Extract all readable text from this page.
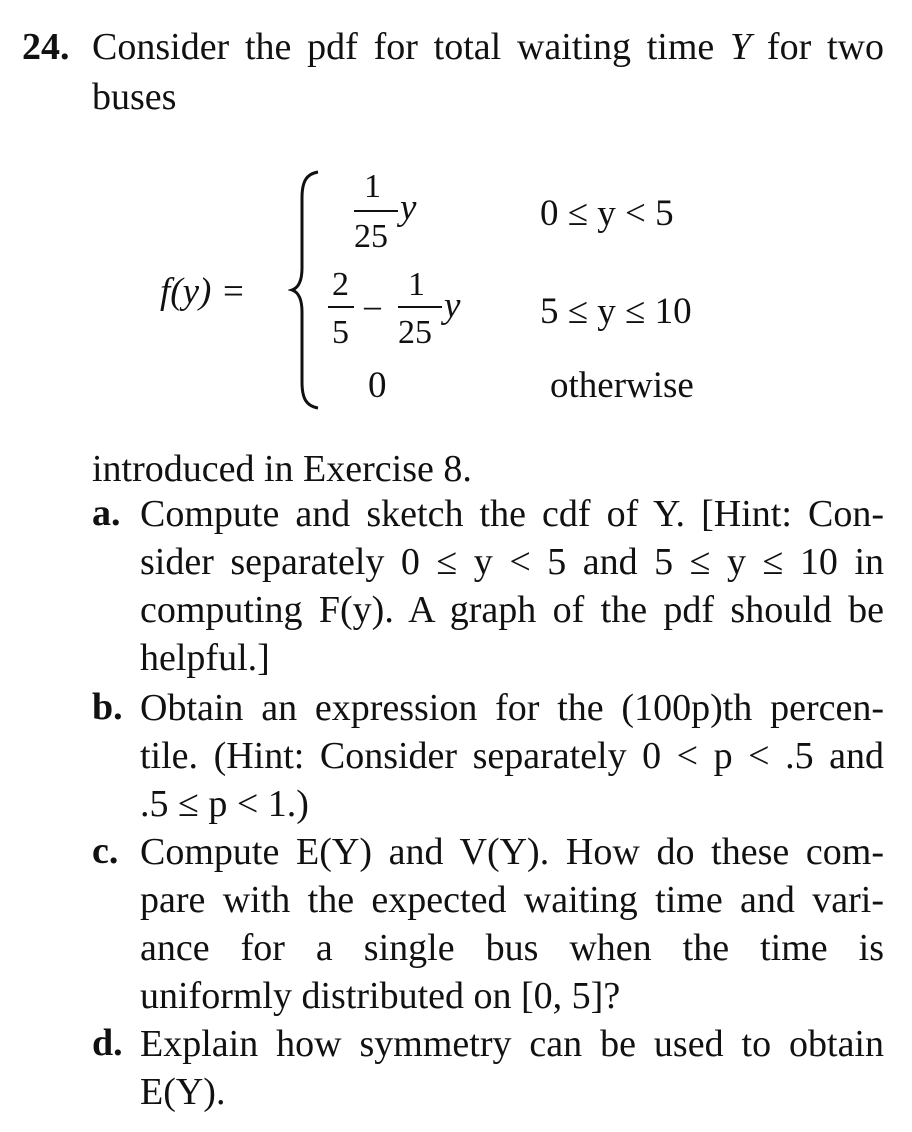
24. Consider the pdf for total waiting time Y for two
buses
f(y) =
1
25
y	0 ≤ y < 5
2
5
−
1
25
y 5 ≤ y ≤ 10
0	otherwise
introduced in Exercise 8.
a. Compute and sketch the cdf of Y. [Hint: Con-
sider separately 0 ≤ y < 5 and 5 ≤ y ≤ 10 in
computing F(y). A graph of the pdf should be
helpful.]
b. Obtain an expression for the (100p)th percen-
tile. (Hint: Consider separately 0 < p < .5 and
.5 ≤ p < 1.)
c. Compute E(Y) and V(Y). How do these com-
pare with the expected waiting time and vari-
ance for a single bus when the time is
uniformly distributed on [0, 5]?
d. Explain how symmetry can be used to obtain
E(Y).
